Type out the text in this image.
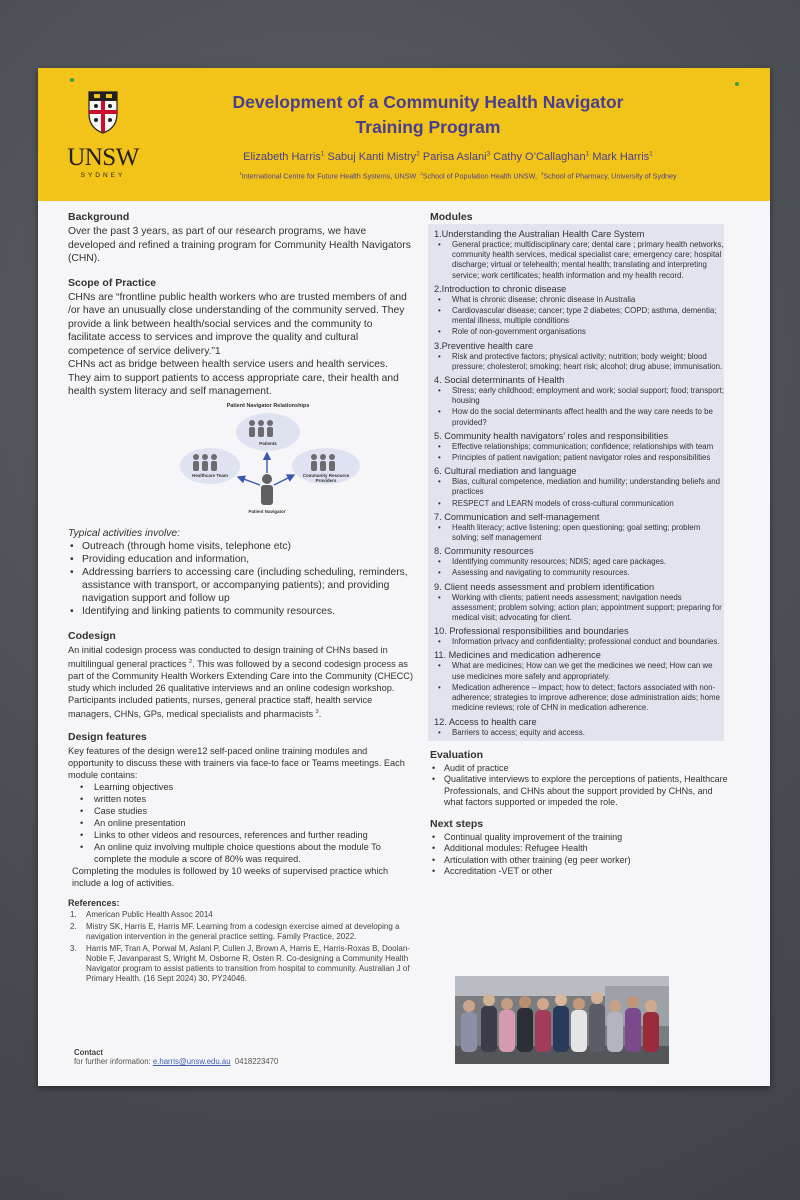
UNSW
SYDNEY
Development of a Community Health Navigator
Training Program
Elizabeth Harris$^1$ Sabuj Kanti Mistry$^2$ Parisa Aslani$^3$ Cathy O’Callaghan$^1$ Mark Harris$^1$
$^1$International Centre for Future Health Systems, UNSW $^2$School of Population Health UNSW, $^3$School of Pharmacy, University of Sydney
Background

Over the past 3 years, as part of our research programs, we have developed and refined a training program for Community Health Navigators (CHN).

Scope of Practice

CHNs are “frontline public health workers who are trusted members of and /or have an unusually close understanding of the community served. They provide a link between health/social services and the community to facilitate access to services and improve the quality and cultural competence of service delivery.”1

CHNs act as bridge between health service users and health services. They aim to support patients to access appropriate care, their health and health system literacy and self management.

Patient Navigator Relationships
Patients
Healthcare Team	Community Resource Providers
Patient Navigator
Typical activities involve:
• Outreach (through home visits, telephone etc)
• Providing education and information,
• Addressing barriers to accessing care (including scheduling, reminders, assistance with transport, or accompanying patients); and providing navigation support and follow up
• Identifying and linking patients to community resources.
Codesign

An initial codesign process was conducted to design training of CHNs based in multilingual general practices $^2$. This was followed by a second codesign process as part of the Community Health Workers Extending Care into the Community (CHECC) study which included 26 qualitative interviews and an online codesign workshop. Participants included patients, nurses, general practice staff, health service managers, CHNs, GPs, medical specialists and pharmacists $^3$.

Design features

Key features of the design were12 self-paced online training modules and opportunity to discuss these with trainers via face-to face or Teams meetings. Each module contains:

• Learning objectives
• written notes
• Case studies
• An online presentation
• Links to other videos and resources, references and further reading
• An online quiz involving multiple choice questions about the module To complete the module a score of 80% was required.

Completing the modules is followed by 10 weeks of supervised practice which include a log of activities.

References:
1. American Public Health Assoc 2014
2. Mistry SK, Harris E, Harris MF. Learning from a codesign exercise aimed at developing a navigation intervention in the general practice setting. Family Practice, 2022.
3. Harris MF, Tran A, Porwal M, Aslani P, Cullen J, Brown A, Harris E, Harris-Roxas B, Doolan-Noble F, Javanparast S, Wright M, Osborne R, Osten R. Co-designing a Community Health Navigator program to assist patients to transition from hospital to community. Australian J of Primary Health. (16 Sept 2024) 30, PY24046.
Contact
for further information: e.harris@unsw.edu.au 0418223470
Modules
1.Understanding the Australian Health Care System
• General practice; multidisciplinary care; dental care ; primary health networks, community health services, medical specialist care; emergency care; hospital discharge; virtual or telehealth; mental health; translating and interpreting service; work certificates; health information and my health record.
2.Introduction to chronic disease
• What is chronic disease; chronic disease in Australia
• Cardiovascular disease; cancer; type 2 diabetes; COPD; asthma, dementia; mental illness, multiple conditions
• Role of non-government organisations
3.Preventive health care
• Risk and protective factors; physical activity; nutrition; body weight; blood pressure; cholesterol; smoking; heart risk; alcohol; drug abuse; immunisation.
4. Social determinants of Health
• Stress; early childhood; employment and work; social support; food; transport; housing
• How do the social determinants affect health and the way care needs to be provided?
5. Community health navigators’ roles and responsibilities
• Effective relationships; communication; confidence; relationships with team
• Principles of patient navigation; patient navigator roles and responsibilities
6. Cultural mediation and language
• Bias, cultural competence, mediation and humility; understanding beliefs and practices
• RESPECT and LEARN models of cross-cultural communication
7. Communication and self-management
• Health literacy; active listening; open questioning; goal setting; problem solving; self management
8. Community resources
• Identifying community resources; NDIS; aged care packages.
• Assessing and navigating to community resources.
9. Client needs assessment and problem identification
• Working with clients; patient needs assessment; navigation needs assessment; problem solving; action plan; appointment support; preparing for medical visit; advocating for client.
10. Professional responsibilities and boundaries
• Information privacy and confidentiality; professional conduct and boundaries.
11. Medicines and medication adherence
• What are medicines; How can we get the medicines we need; How can we use medicines more safely and appropriately.
• Medication adherence – impact; how to detect; factors associated with non-adherence; strategies to improve adherence; dose administration aids; home medicine reviews; role of CHN in medication adherence.
12. Access to health care
• Barriers to access; equity and access.
Evaluation
• Audit of practice
• Qualitative interviews to explore the perceptions of patients, Healthcare Professionals, and CHNs about the support provided by CHNs, and what factors supported or impeded the role.
Next steps
• Continual quality improvement of the training
• Additional modules: Refugee Health
• Articulation with other training (eg peer worker)
• Accreditation -VET or other
